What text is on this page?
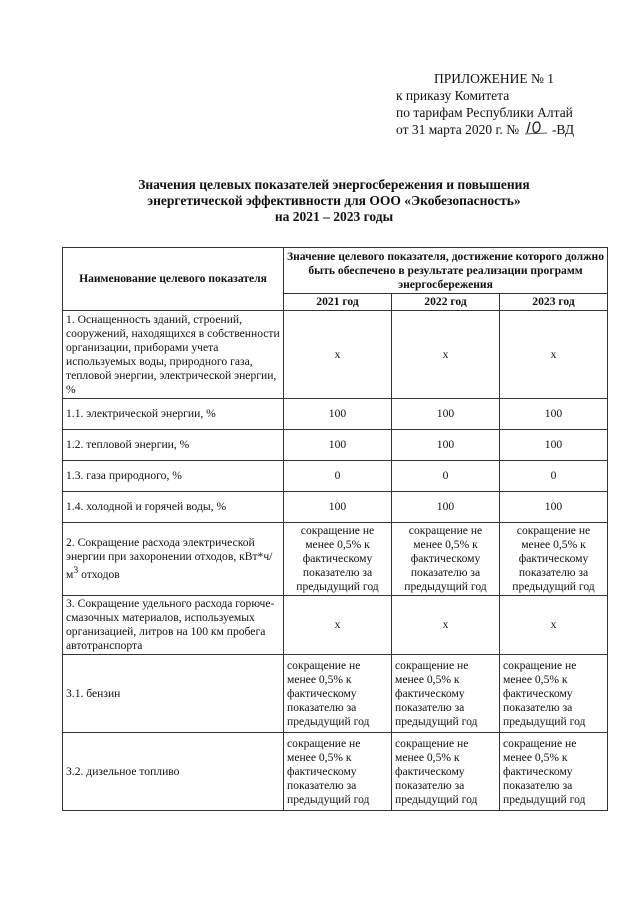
ПРИЛОЖЕНИЕ № 1
к приказу Комитета
по тарифам Республики Алтай
от 31 марта 2020 г. № -ВД
Значения целевых показателей энергосбережения и повышения
энергетической эффективности для ООО «Экобезопасность»
на 2021 – 2023 годы
Наименование целевого показателя	Значение целевого показателя, достижение которого должно быть обеспечено в результате реализации программ энергосбережения		
	2021 год	2022 год	2023 год
1. Оснащенность зданий, строений, сооружений, находящихся в собственности организации, приборами учета используемых воды, природного газа, тепловой энергии, электрической энергии, %	x	x	x
1.1. электрической энергии, %	100	100	100
1.2. тепловой энергии, %	100	100	100
1.3. газа природного, %	0	0	0
1.4. холодной и горячей воды, %	100	100	100
2. Сокращение расхода электрической энергии при захоронении отходов, $кВт*ч/м^3$ отходов	сокращение не менее 0,5% к фактическому показателю за предыдущий год	сокращение не менее 0,5% к фактическому показателю за предыдущий год	сокращение не менее 0,5% к фактическому показателю за предыдущий год
3. Сокращение удельного расхода горюче-смазочных материалов, используемых организацией, литров на 100 км пробега автотранспорта	x	x	x
3.1. бензин	сокращение не менее 0,5% к фактическому показателю за предыдущий год	сокращение не менее 0,5% к фактическому показателю за предыдущий год	сокращение не менее 0,5% к фактическому показателю за предыдущий год
3.2. дизельное топливо	сокращение не менее 0,5% к фактическому показателю за предыдущий год	сокращение не менее 0,5% к фактическому показателю за предыдущий год	сокращение не менее 0,5% к фактическому показателю за предыдущий год
